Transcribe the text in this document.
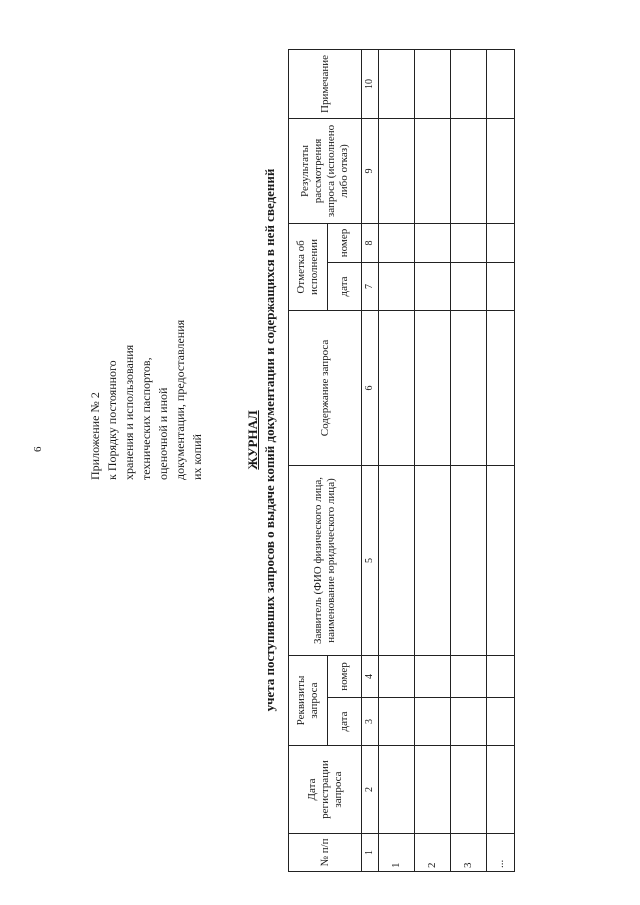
6	Приложение № 2
к Порядку постоянного
хранения и использования
технических паспортов,
оценочной и иной
документации, предоставления
их копий	ЖУРНАЛ учета поступивших запросов о выдаче копий документации и содержащихся в ней сведений
№ п/п	Дата регистрации запроса	Реквизиты запроса		Заявитель (ФИО физического лица, наименование юридического лица)	Содержание запроса	Отметка об исполнении		Результаты рассмотрения запроса (исполнено либо отказ)	Примечание
		дата	номер			дата	номер		
1	2	3	4	5	6	7	8	9	10
1									
2									
3									
...									
